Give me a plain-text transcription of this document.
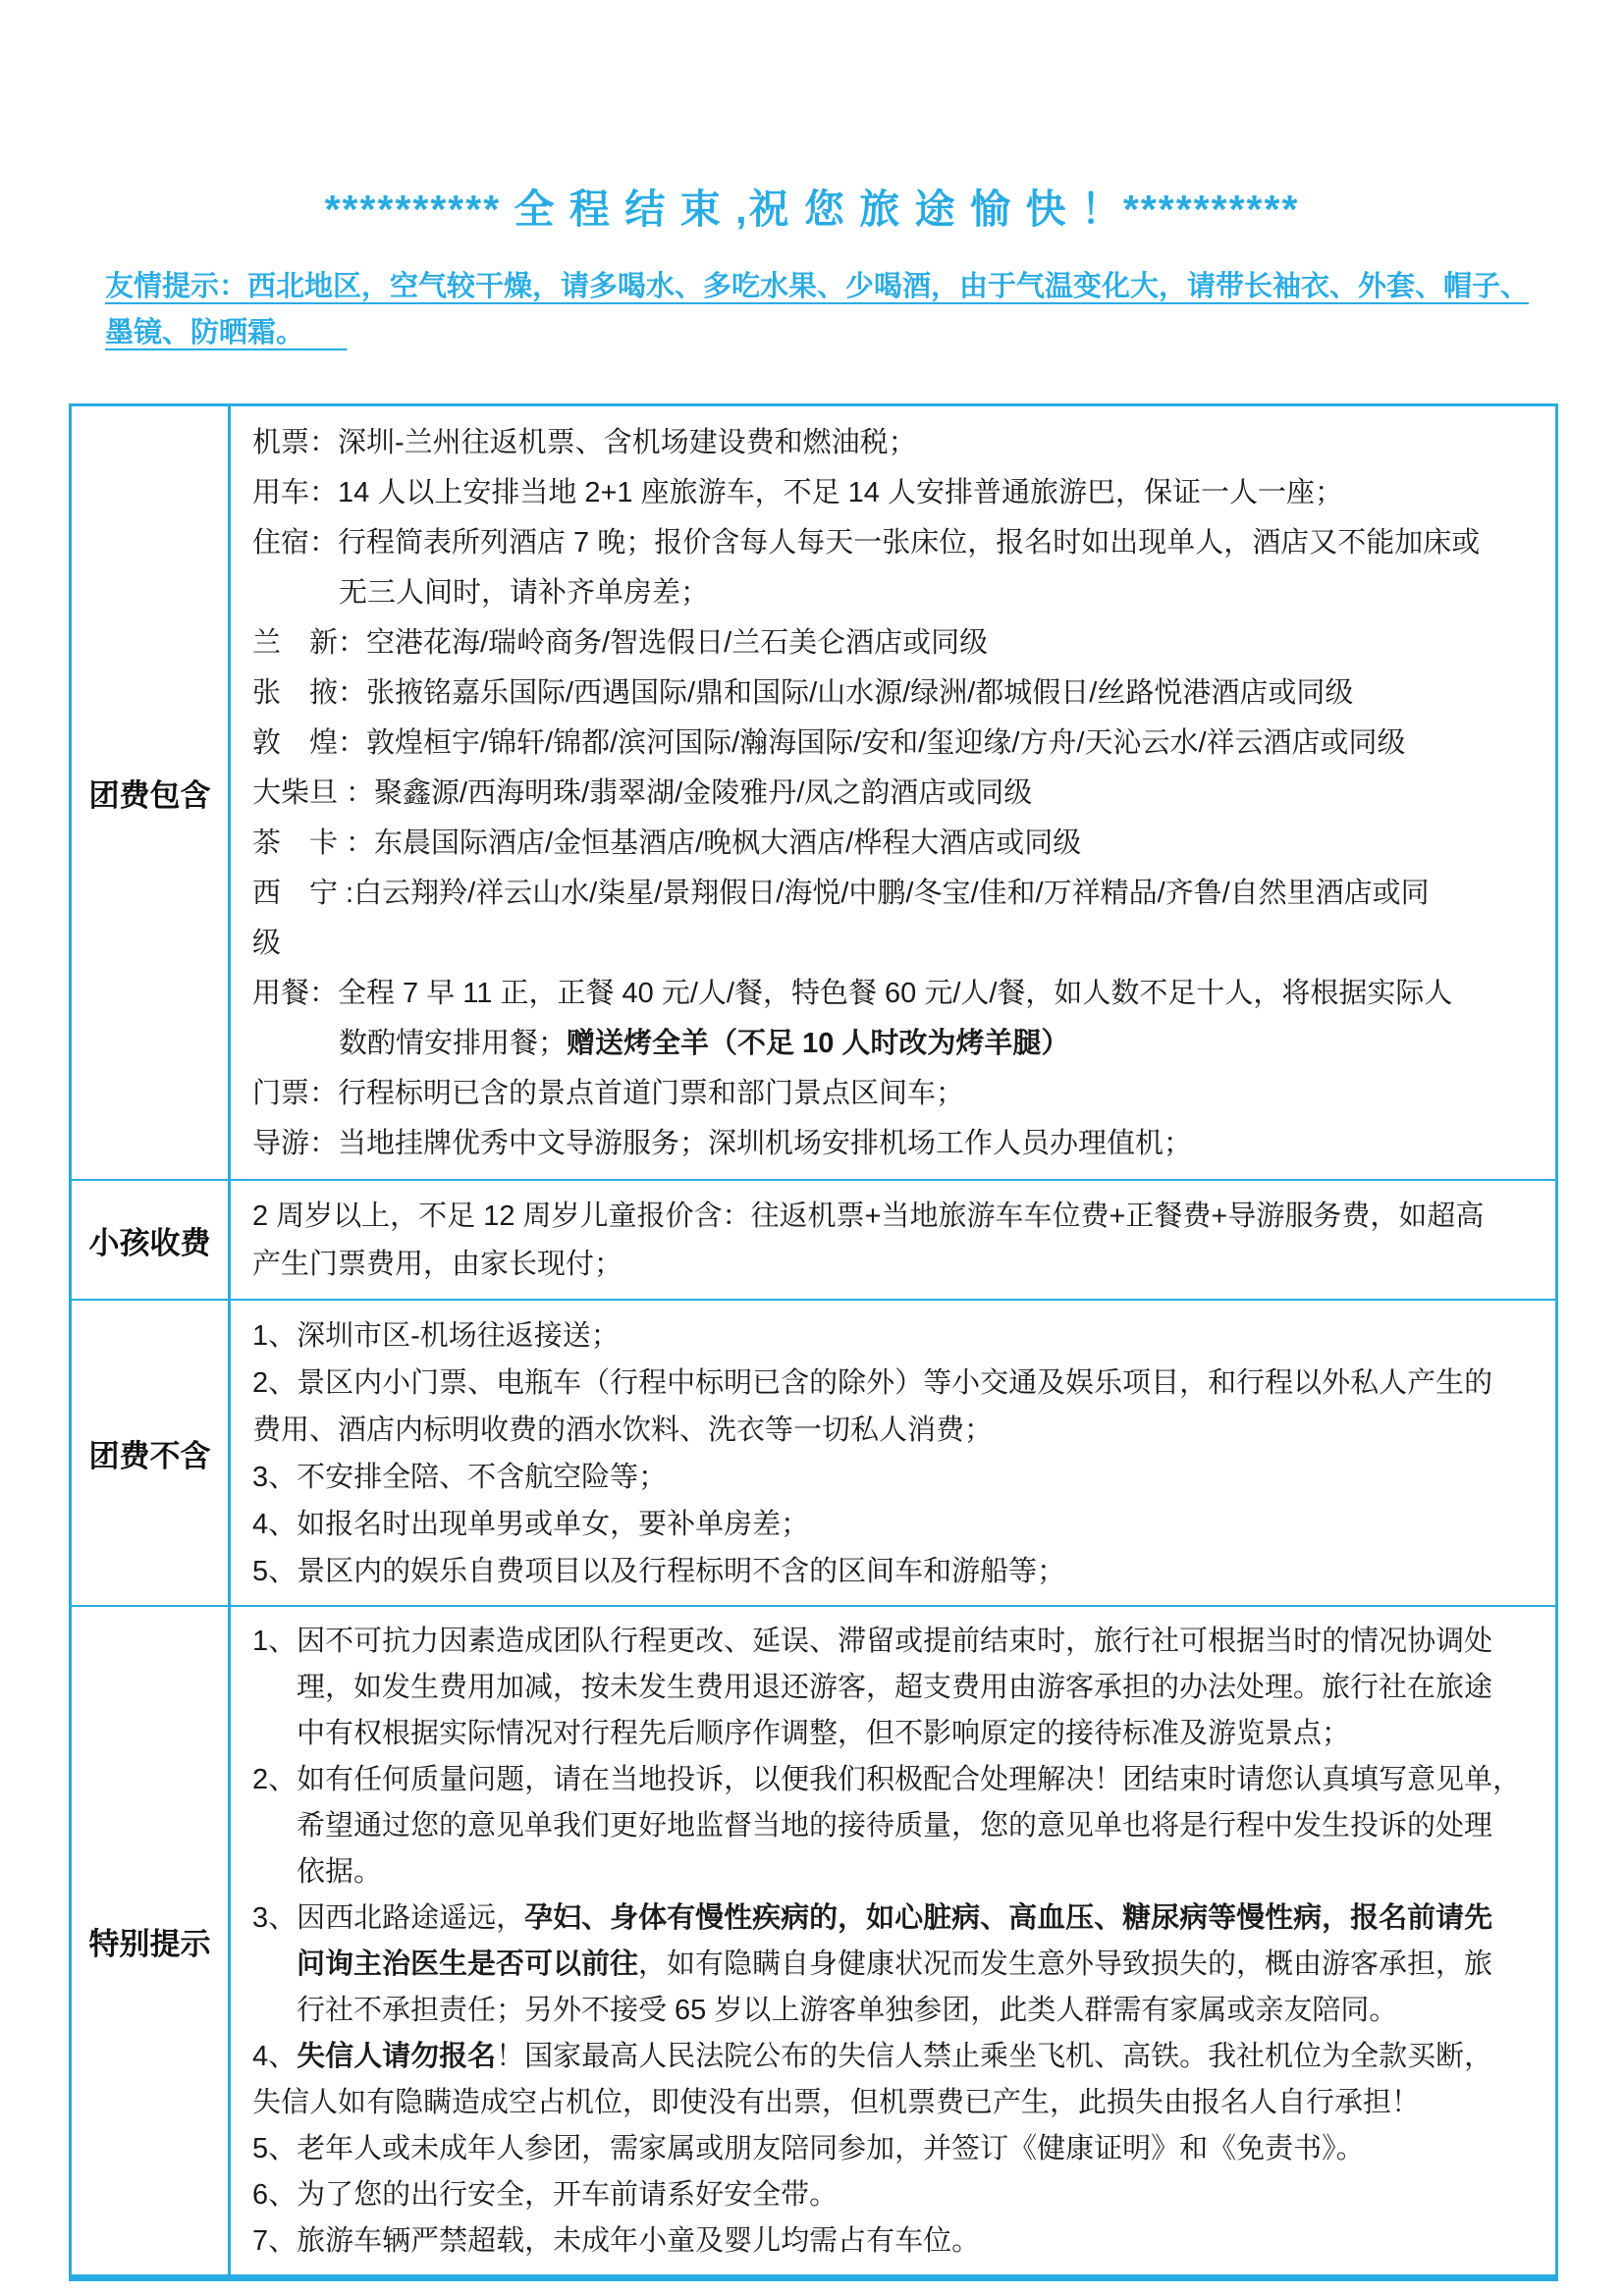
********** 全 程 结 束 ,祝 您 旅 途 愉 快 ！**********
友情提示：西北地区，空气较干燥，请多喝水、多吃水果、少喝酒，由于气温变化大，请带长袖衣、外套、帽子、
墨镜、防晒霜。
团费包含
机票：深圳-兰州往返机票、含机场建设费和燃油税；
用车：14 人以上安排当地 2+1 座旅游车，不足 14 人安排普通旅游巴，保证一人一座；
住宿：行程简表所列酒店 7 晚；报价含每人每天一张床位，报名时如出现单人，酒店又不能加床或
无三人间时，请补齐单房差；
兰　新：空港花海/瑞岭商务/智选假日/兰石美仑酒店或同级
张　掖：张掖铭嘉乐国际/西遇国际/鼎和国际/山水源/绿洲/都城假日/丝路悦港酒店或同级
敦　煌：敦煌桓宇/锦轩/锦都/滨河国际/瀚海国际/安和/玺迎缘/方舟/天沁云水/祥云酒店或同级
大柴旦 ：聚鑫源/西海明珠/翡翠湖/金陵雅丹/凤之韵酒店或同级
茶　卡 ：东晨国际酒店/金恒基酒店/晚枫大酒店/桦程大酒店或同级
西　宁 :白云翔羚/祥云山水/柒星/景翔假日/海悦/中鹏/冬宝/佳和/万祥精品/齐鲁/自然里酒店或同
级
用餐：全程 7 早 11 正，正餐 40 元/人/餐，特色餐 60 元/人/餐，如人数不足十人，将根据实际人
数酌情安排用餐；赠送烤全羊（不足 10 人时改为烤羊腿）
门票：行程标明已含的景点首道门票和部门景点区间车；
导游：当地挂牌优秀中文导游服务；深圳机场安排机场工作人员办理值机；
小孩收费
2 周岁以上，不足 12 周岁儿童报价含：往返机票+当地旅游车车位费+正餐费+导游服务费，如超高
产生门票费用，由家长现付；
团费不含
1、深圳市区-机场往返接送；
2、景区内小门票、电瓶车（行程中标明已含的除外）等小交通及娱乐项目，和行程以外私人产生的
费用、酒店内标明收费的酒水饮料、洗衣等一切私人消费；
3、不安排全陪、不含航空险等；
4、如报名时出现单男或单女，要补单房差；
5、景区内的娱乐自费项目以及行程标明不含的区间车和游船等；
特别提示
1、因不可抗力因素造成团队行程更改、延误、滞留或提前结束时，旅行社可根据当时的情况协调处
理，如发生费用加减，按未发生费用退还游客，超支费用由游客承担的办法处理。旅行社在旅途
中有权根据实际情况对行程先后顺序作调整，但不影响原定的接待标准及游览景点；
2、如有任何质量问题，请在当地投诉，以便我们积极配合处理解决！团结束时请您认真填写意见单，
希望通过您的意见单我们更好地监督当地的接待质量，您的意见单也将是行程中发生投诉的处理
依据。
3、因西北路途遥远，孕妇、身体有慢性疾病的，如心脏病、高血压、糖尿病等慢性病，报名前请先
问询主治医生是否可以前往，如有隐瞒自身健康状况而发生意外导致损失的，概由游客承担，旅
行社不承担责任；另外不接受 65 岁以上游客单独参团，此类人群需有家属或亲友陪同。
4、失信人请勿报名！国家最高人民法院公布的失信人禁止乘坐飞机、高铁。我社机位为全款买断，
失信人如有隐瞒造成空占机位，即使没有出票，但机票费已产生，此损失由报名人自行承担！
5、老年人或未成年人参团，需家属或朋友陪同参加，并签订《健康证明》和《免责书》。
6、为了您的出行安全，开车前请系好安全带。
7、旅游车辆严禁超载，未成年小童及婴儿均需占有车位。
